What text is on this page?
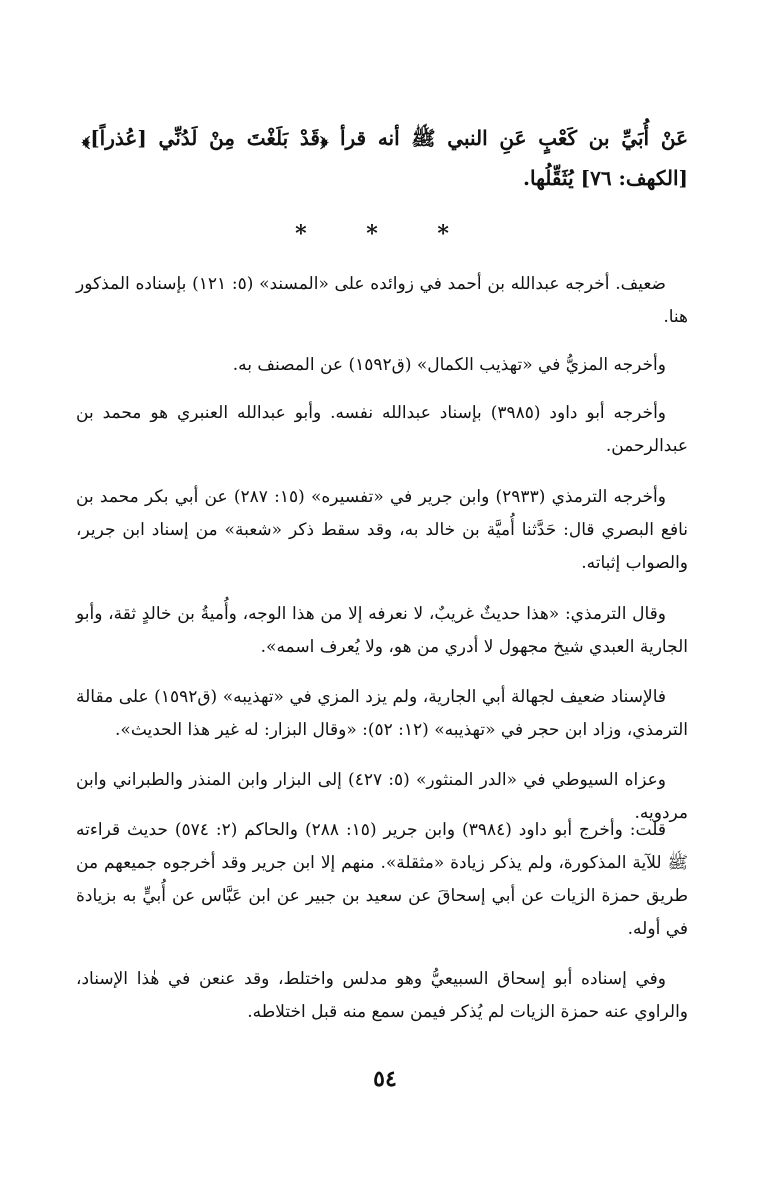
عَنْ أُبَيِّ بن كَعْبٍ عَنِ النبي ﷺ أنه قرأ ﴿قَدْ بَلَغْتَ مِنْ لَدُنِّي [عُذراً]﴾ [الكهف: ٧٦] يُثَقِّلُها.

* * *

ضعيف. أخرجه عبدالله بن أحمد في زوائده على «المسند» (٥: ١٢١) بإسناده المذكور هنا.

وأخرجه المزيُّ في «تهذيب الكمال» (ق١٥٩٢) عن المصنف به.

وأخرجه أبو داود (٣٩٨٥) بإسناد عبدالله نفسه. وأبو عبدالله العنبري هو محمد بن عبدالرحمن.

وأخرجه الترمذي (٢٩٣٣) وابن جرير في «تفسيره» (١٥: ٢٨٧) عن أبي بكر محمد بن نافع البصري قال: حَدَّثنا أُميَّة بن خالد به، وقد سقط ذكر «شعبة» من إسناد ابن جرير، والصواب إثباته.

وقال الترمذي: «هذا حديثٌ غريبٌ، لا نعرفه إلا من هذا الوجه، وأُميةُ بن خالدٍ ثقة، وأبو الجارية العبدي شيخ مجهول لا أدري من هو، ولا يُعرف اسمه».

فالإسناد ضعيف لجهالة أبي الجارية، ولم يزد المزي في «تهذيبه» (ق١٥٩٢) على مقالة الترمذي، وزاد ابن حجر في «تهذيبه» (١٢: ٥٢): «وقال البزار: له غير هذا الحديث».

وعزاه السيوطي في «الدر المنثور» (٥: ٤٢٧) إلى البزار وابن المنذر والطبراني وابن مردويه.

قلت: وأخرج أبو داود (٣٩٨٤) وابن جرير (١٥: ٢٨٨) والحاكم (٢: ٥٧٤) حديث قراءته ﷺ للآية المذكورة، ولم يذكر زيادة «مثقلة». منهم إلا ابن جرير وقد أخرجوه جميعهم من طريق حمزة الزيات عن أبي إسحاقَ عن سعيد بن جبير عن ابن عَبَّاس عن أُبيٍّ به بزيادة في أوله.

وفي إسناده أبو إسحاق السبيعيُّ وهو مدلس واختلط، وقد عنعن في هٰذا الإسناد، والراوي عنه حمزة الزيات لم يُذكر فيمن سمع منه قبل اختلاطه.

٥٤
